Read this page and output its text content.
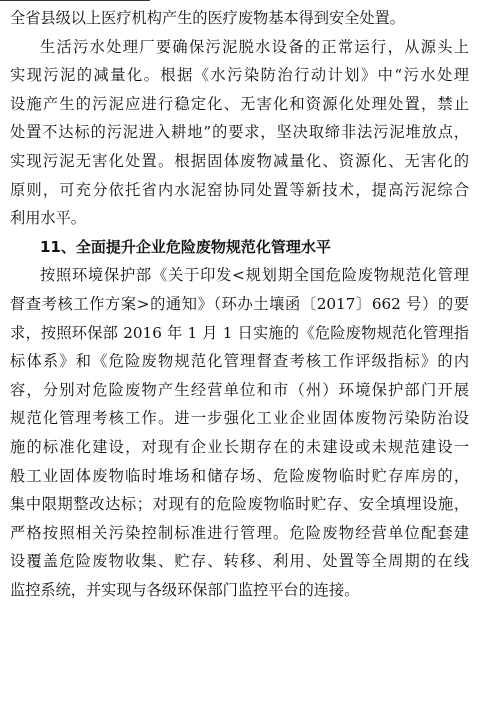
全省县级以上医疗机构产生的医疗废物基本得到安全处置。
生活污水处理厂要确保污泥脱水设备的正常运行，从源头上
实现污泥的减量化。根据《水污染防治行动计划》中“污水处理
设施产生的污泥应进行稳定化、无害化和资源化处理处置，禁止
处置不达标的污泥进入耕地”的要求，坚决取缔非法污泥堆放点，
实现污泥无害化处置。根据固体废物减量化、资源化、无害化的
原则，可充分依托省内水泥窑协同处置等新技术，提高污泥综合
利用水平。
11、全面提升企业危险废物规范化管理水平
按照环境保护部《关于印发<规划期全国危险废物规范化管理
督查考核工作方案>的通知》（环办土壤函〔2017〕662 号）的要
求，按照环保部 2016 年 1 月 1 日实施的《危险废物规范化管理指
标体系》和《危险废物规范化管理督查考核工作评级指标》的内
容，分别对危险废物产生经营单位和市（州）环境保护部门开展
规范化管理考核工作。进一步强化工业企业固体废物污染防治设
施的标准化建设，对现有企业长期存在的未建设或未规范建设一
般工业固体废物临时堆场和储存场、危险废物临时贮存库房的，
集中限期整改达标；对现有的危险废物临时贮存、安全填埋设施，
严格按照相关污染控制标准进行管理。危险废物经营单位配套建
设覆盖危险废物收集、贮存、转移、利用、处置等全周期的在线
监控系统，并实现与各级环保部门监控平台的连接。
